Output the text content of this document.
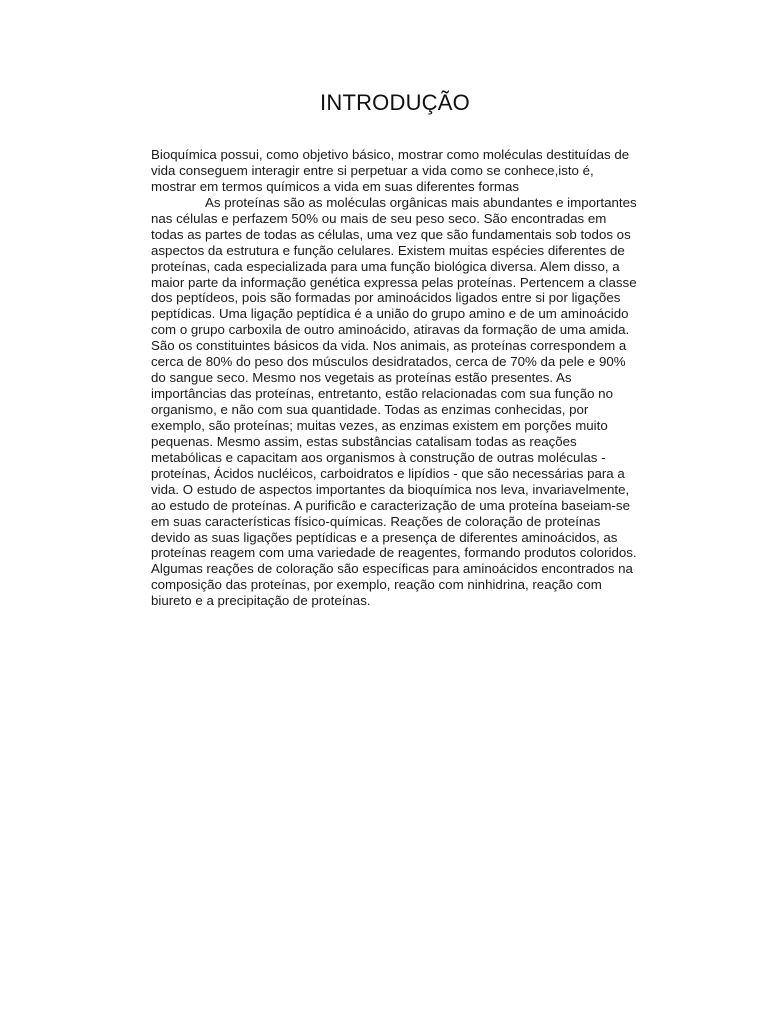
INTRODUÇÃO

Bioquímica possui, como objetivo básico, mostrar como moléculas destituídas de
vida conseguem interagir entre si perpetuar a vida como se conhece,isto é,
mostrar em termos químicos a vida em suas diferentes formas

As proteínas são as moléculas orgânicas mais abundantes e importantes
nas células e perfazem 50% ou mais de seu peso seco. São encontradas em
todas as partes de todas as células, uma vez que são fundamentais sob todos os
aspectos da estrutura e função celulares. Existem muitas espécies diferentes de
proteínas, cada especializada para uma função biológica diversa. Alem disso, a
maior parte da informação genética expressa pelas proteínas. Pertencem a classe
dos peptídeos, pois são formadas por aminoácidos ligados entre si por ligações
peptídicas. Uma ligação peptídica é a união do grupo amino e de um aminoácido
com o grupo carboxila de outro aminoácido, atiravas da formação de uma amida.
São os constituintes básicos da vida. Nos animais, as proteínas correspondem a
cerca de 80% do peso dos músculos desidratados, cerca de 70% da pele e 90%
do sangue seco. Mesmo nos vegetais as proteínas estão presentes. As
importâncias das proteínas, entretanto, estão relacionadas com sua função no
organismo, e não com sua quantidade. Todas as enzimas conhecidas, por
exemplo, são proteínas; muitas vezes, as enzimas existem em porções muito
pequenas. Mesmo assim, estas substâncias catalisam todas as reações
metabólicas e capacitam aos organismos à construção de outras moléculas -
proteínas, Ácidos nucléicos, carboidratos e lipídios - que são necessárias para a
vida. O estudo de aspectos importantes da bioquímica nos leva, invariavelmente,
ao estudo de proteínas. A purificão e caracterização de uma proteína baseiam-se
em suas características físico-químicas. Reações de coloração de proteínas
devido as suas ligações peptídicas e a presença de diferentes aminoácidos, as
proteínas reagem com uma variedade de reagentes, formando produtos coloridos.
Algumas reações de coloração são específicas para aminoácidos encontrados na
composição das proteínas, por exemplo, reação com ninhidrina, reação com
biureto e a precipitação de proteínas.
